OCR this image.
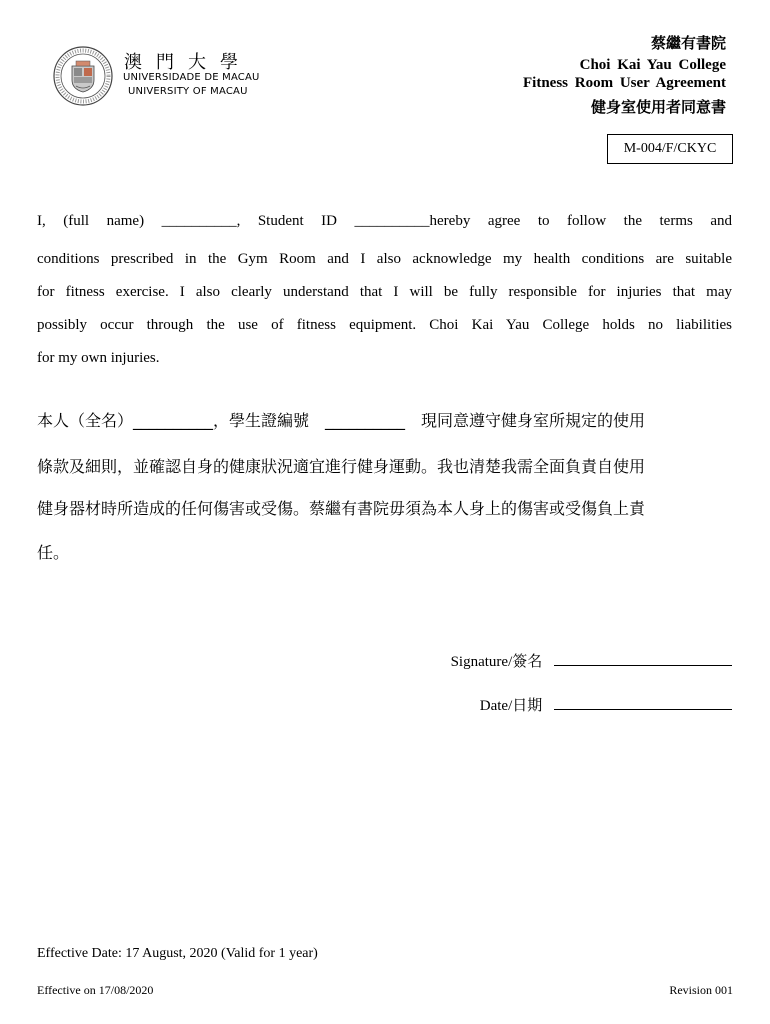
澳門大學
UNIVERSIDADE DE MACAU
UNIVERSITY OF MACAU
蔡繼有書院
Choi Kai Yau College
Fitness Room User Agreement
健身室使用者同意書
M-004/F/CKYC
I, (full name) __________, Student ID __________hereby agree to follow the terms and
conditions prescribed in the Gym Room and I also acknowledge my health conditions are suitable
for fitness exercise. I also clearly understand that I will be fully responsible for injuries that may
possibly occur through the use of fitness equipment. Choi Kai Yau College holds no liabilities
for my own injuries.
本人（全名）__________，學生證編號　__________　現同意遵守健身室所規定的使用
條款及細則，並確認自身的健康狀況適宜進行健身運動。我也清楚我需全面負責自使用
健身器材時所造成的任何傷害或受傷。蔡繼有書院毋須為本人身上的傷害或受傷負上責
任。
Signature/簽名
Date/日期
Effective Date: 17 August, 2020 (Valid for 1 year)
Effective on 17/08/2020	Revision 001
